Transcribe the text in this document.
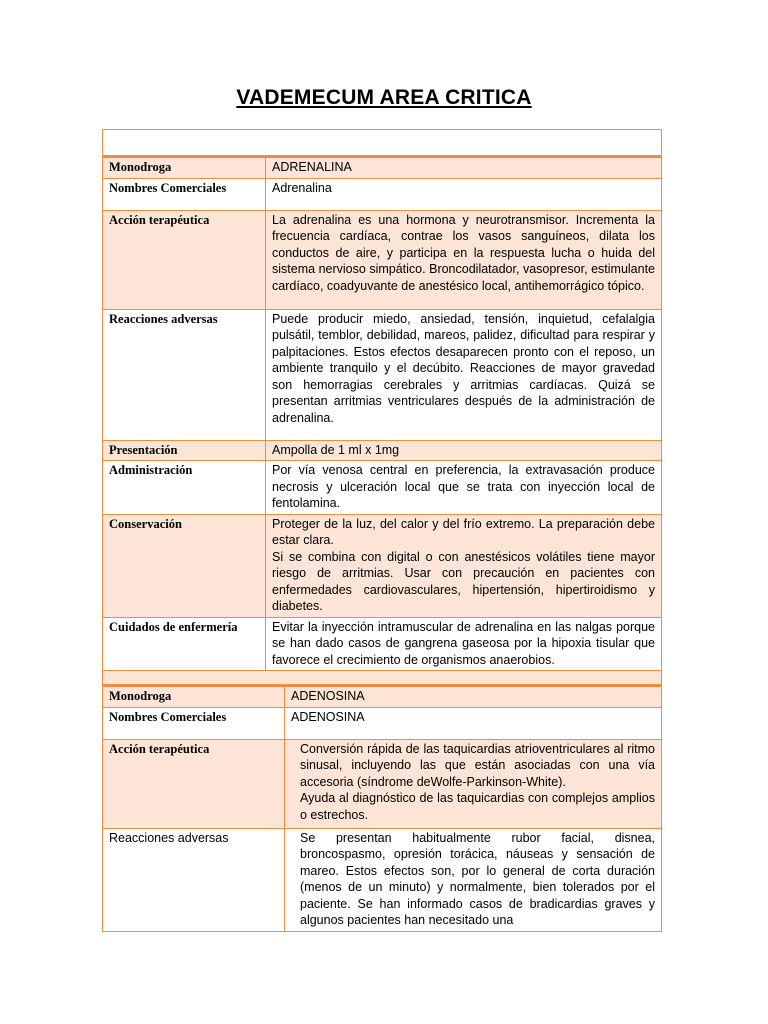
VADEMECUM AREA CRITICA

Monodroga	ADRENALINA
Nombres Comerciales	Adrenalina
Acción terapéutica	La adrenalina es una hormona y neurotransmisor. Incrementa la frecuencia cardíaca, contrae los vasos sanguíneos, dilata los conductos de aire, y participa en la respuesta lucha o huida del sistema nervioso simpático. Broncodilatador, vasopresor, estimulante cardíaco, coadyuvante de anestésico local, antihemorrágico tópico.
Reacciones adversas	Puede producir miedo, ansiedad, tensión, inquietud, cefalalgia pulsátil, temblor, debilidad, mareos, palidez, dificultad para respirar y palpitaciones. Estos efectos desaparecen pronto con el reposo, un ambiente tranquilo y el decúbito. Reacciones de mayor gravedad son hemorragias cerebrales y arritmias cardíacas. Quizá se presentan arritmias ventriculares después de la administración de adrenalina.
Presentación	Ampolla de 1 ml x 1mg
Administración	Por vía venosa central en preferencia, la extravasación produce necrosis y ulceración local que se trata con inyección local de fentolamina.
Conservación	Proteger de la luz, del calor y del frío extremo. La preparación debe estar clara.
Si se combina con digital o con anestésicos volátiles tiene mayor riesgo de arritmias. Usar con precaución en pacientes con enfermedades cardiovasculares, hipertensión, hipertiroidismo y diabetes.

Cuidados de enfermería	Evitar la inyección intramuscular de adrenalina en las nalgas porque se han dado casos de gangrena gaseosa por la hipoxia tisular que favorece el crecimiento de organismos anaerobios.

Monodroga	ADENOSINA
Nombres Comerciales	ADENOSINA
Acción terapéutica	Conversión rápida de las taquicardias atrioventriculares al ritmo sinusal, incluyendo las que están asociadas con una vía accesoria (síndrome deWolfe-Parkinson-White).
Ayuda al diagnóstico de las taquicardias con complejos amplios o estrechos.

Reacciones adversas	Se presentan habitualmente rubor facial, disnea, broncospasmo, opresión torácica, náuseas y sensación de mareo. Estos efectos son, por lo general de corta duración (menos de un minuto) y normalmente, bien tolerados por el paciente. Se han informado casos de bradicardias graves y algunos pacientes han necesitado una
